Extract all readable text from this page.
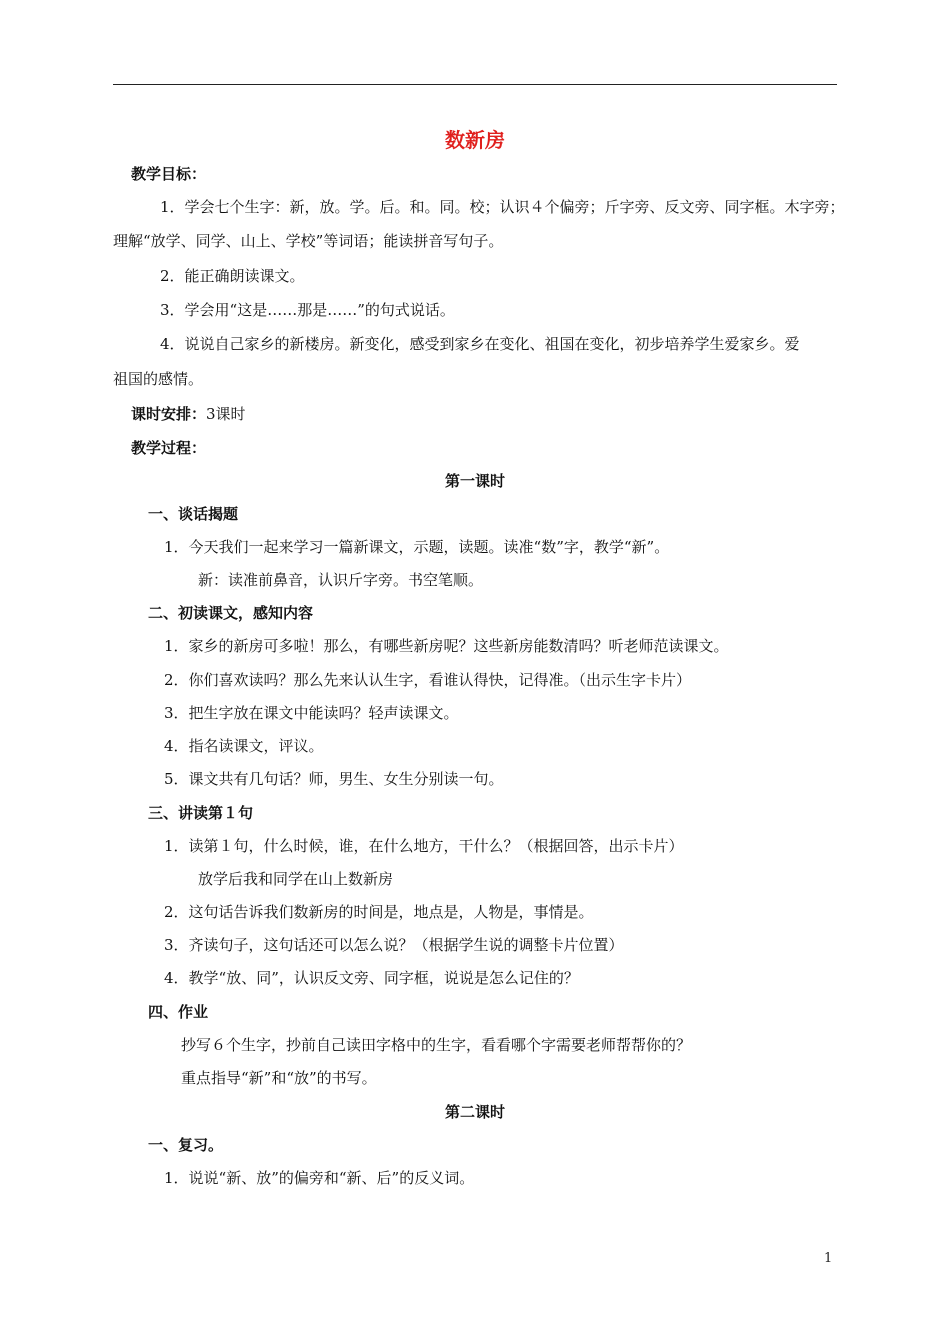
数新房
教学目标：
1．学会七个生字：新，放。学。后。和。同。校；认识４个偏旁；斤字旁、反文旁、同字框。木字旁；
理解“放学、同学、山上、学校”等词语；能读拼音写句子。
2．能正确朗读课文。
3．学会用“这是……那是……”的句式说话。
4．说说自己家乡的新楼房。新变化，感受到家乡在变化、祖国在变化，初步培养学生爱家乡。爱
祖国的感情。
课时安排：3课时
教学过程：
第一课时
一、谈话揭题
1．今天我们一起来学习一篇新课文，示题，读题。读准“数”字，教学“新”。
新：读准前鼻音，认识斤字旁。书空笔顺。
二、初读课文，感知内容
1．家乡的新房可多啦！那么，有哪些新房呢？这些新房能数清吗？听老师范读课文。
2．你们喜欢读吗？那么先来认认生字，看谁认得快，记得准。（出示生字卡片）
3．把生字放在课文中能读吗？轻声读课文。
4．指名读课文，评议。
5．课文共有几句话？师，男生、女生分别读一句。
三、讲读第１句
1．读第１句，什么时候，谁，在什么地方，干什么？（根据回答，出示卡片）
放学后我和同学在山上数新房
2．这句话告诉我们数新房的时间是，地点是，人物是，事情是。
3．齐读句子，这句话还可以怎么说？（根据学生说的调整卡片位置）
4．教学“放、同”，认识反文旁、同字框，说说是怎么记住的？
四、作业
抄写６个生字，抄前自己读田字格中的生字，看看哪个字需要老师帮帮你的？
重点指导“新”和“放”的书写。
第二课时
一、复习。
1．说说“新、放”的偏旁和“新、后”的反义词。
1
